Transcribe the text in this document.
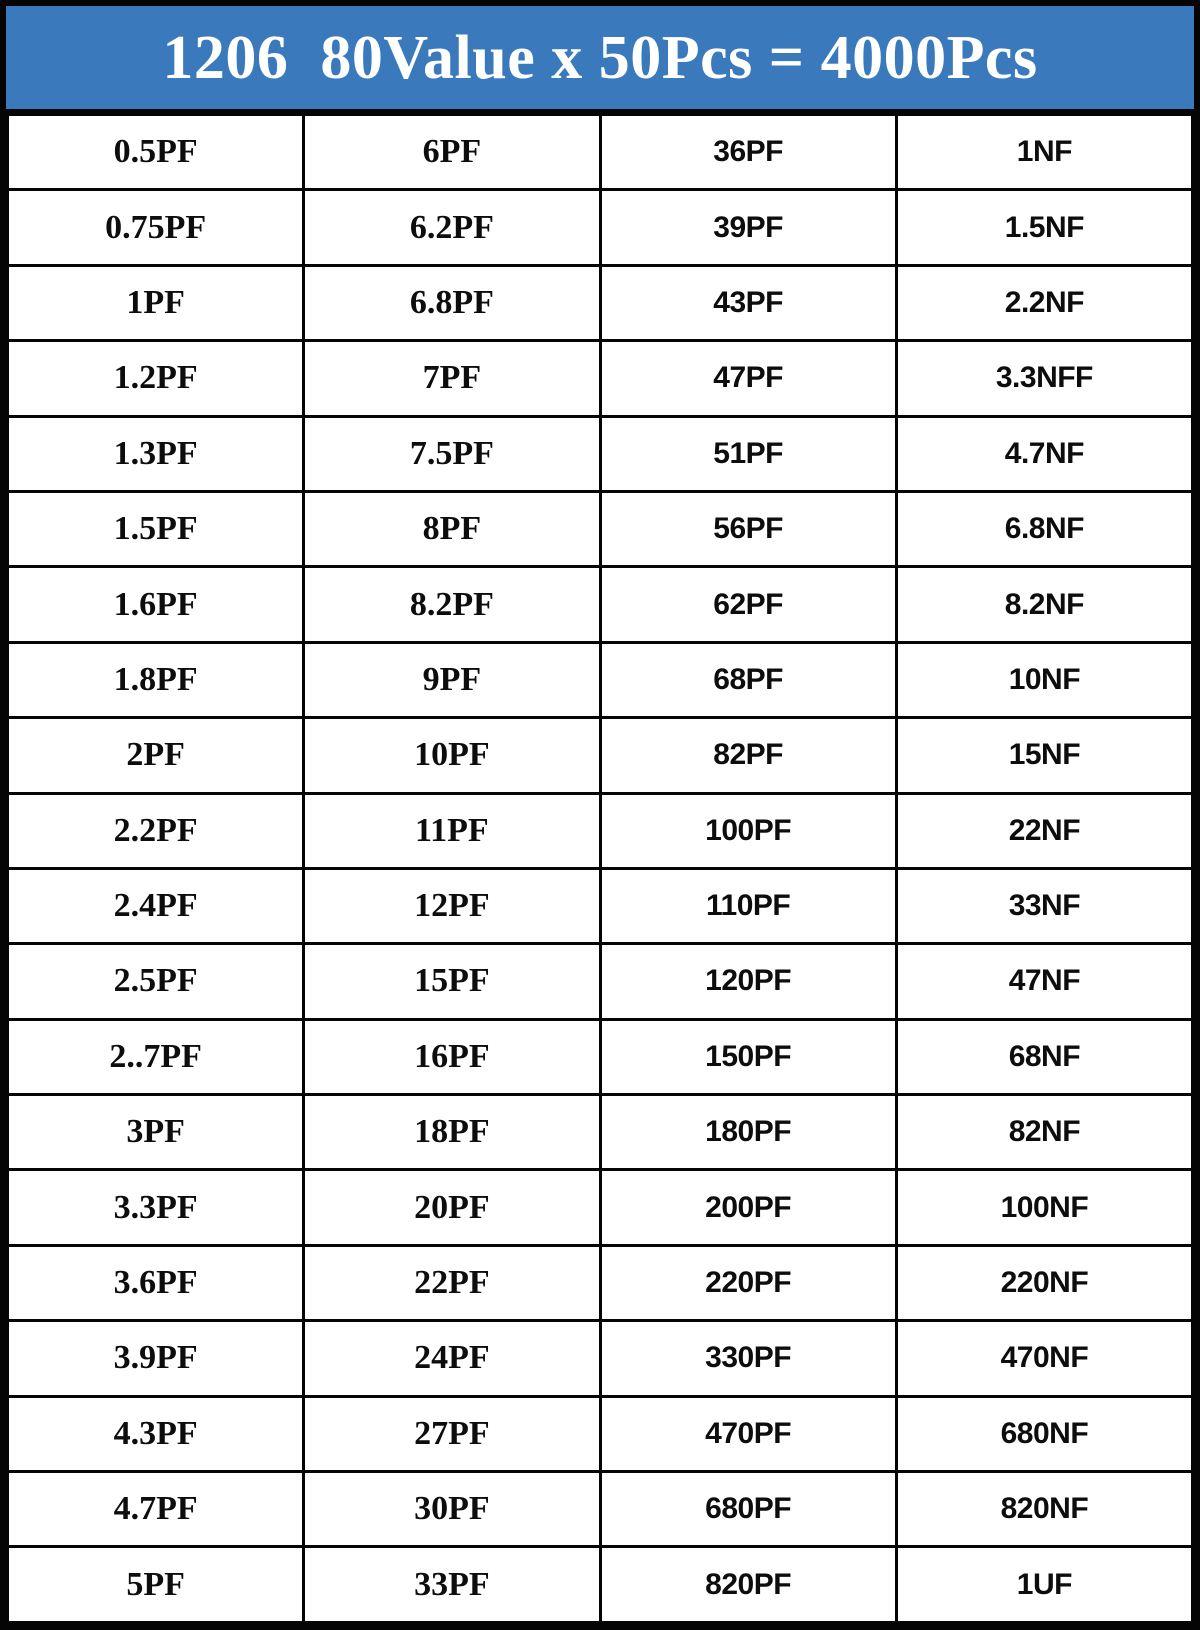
1206  80Value x 50Pcs = 4000Pcs
0.5PF	6PF	36PF	1NF
0.75PF	6.2PF	39PF	1.5NF
1PF	6.8PF	43PF	2.2NF
1.2PF	7PF	47PF	3.3NFF
1.3PF	7.5PF	51PF	4.7NF
1.5PF	8PF	56PF	6.8NF
1.6PF	8.2PF	62PF	8.2NF
1.8PF	9PF	68PF	10NF
2PF	10PF	82PF	15NF
2.2PF	11PF	100PF	22NF
2.4PF	12PF	110PF	33NF
2.5PF	15PF	120PF	47NF
2..7PF	16PF	150PF	68NF
3PF	18PF	180PF	82NF
3.3PF	20PF	200PF	100NF
3.6PF	22PF	220PF	220NF
3.9PF	24PF	330PF	470NF
4.3PF	27PF	470PF	680NF
4.7PF	30PF	680PF	820NF
5PF	33PF	820PF	1UF
